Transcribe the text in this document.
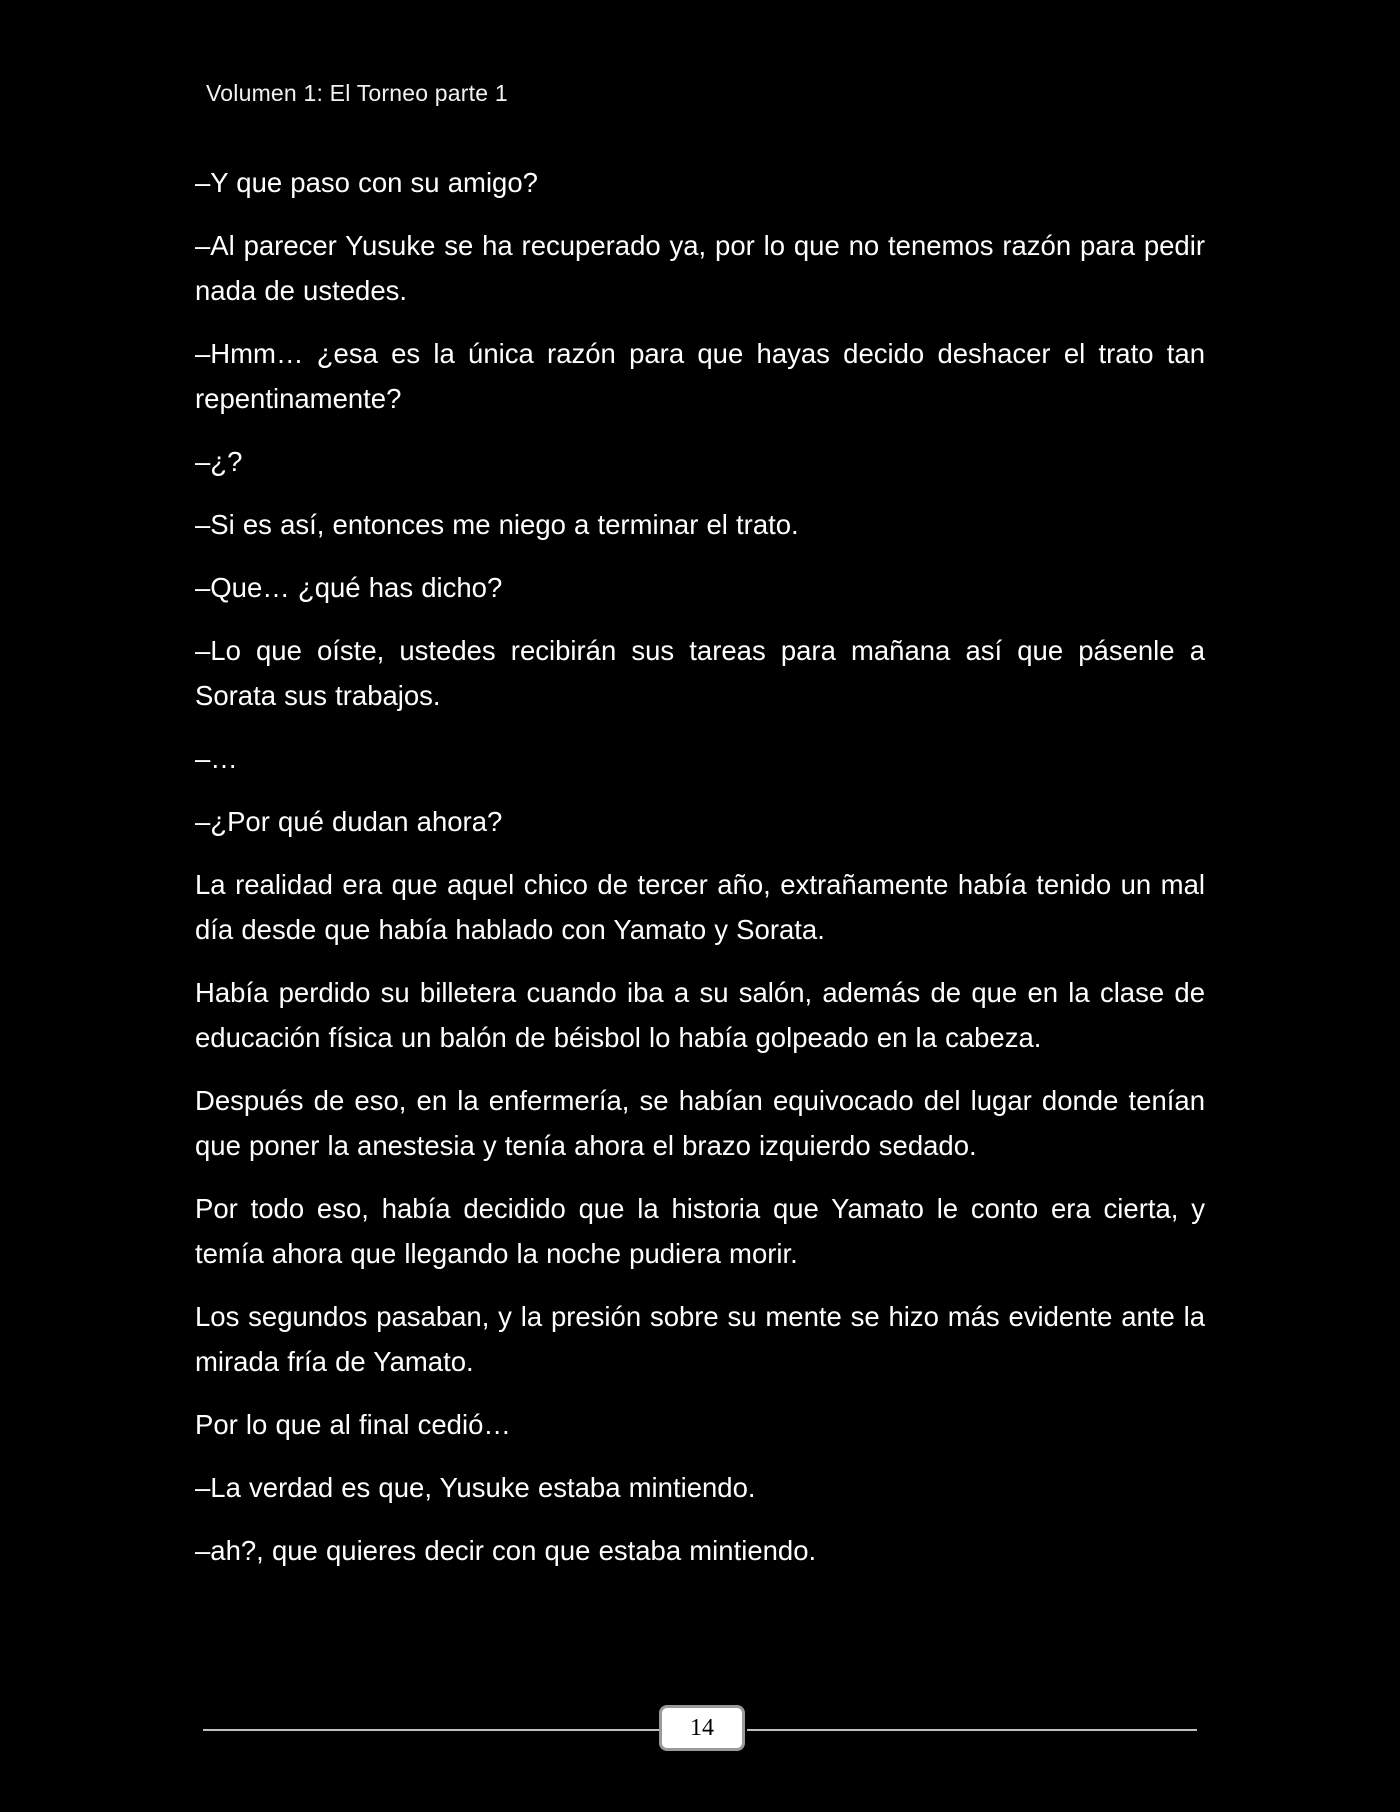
Volumen 1: El Torneo parte 1

–Y que paso con su amigo?

–Al parecer Yusuke se ha recuperado ya, por lo que no tenemos razón para pedir nada de ustedes.

–Hmm… ¿esa es la única razón para que hayas decido deshacer el trato tan repentinamente?

–¿?

–Si es así, entonces me niego a terminar el trato.

–Que… ¿qué has dicho?

–Lo que oíste, ustedes recibirán sus tareas para mañana así que pásenle a Sorata sus trabajos.

–…

–¿Por qué dudan ahora?

La realidad era que aquel chico de tercer año, extrañamente había tenido un mal día desde que había hablado con Yamato y Sorata.

Había perdido su billetera cuando iba a su salón, además de que en la clase de educación física un balón de béisbol lo había golpeado en la cabeza.

Después de eso, en la enfermería, se habían equivocado del lugar donde tenían que poner la anestesia y tenía ahora el brazo izquierdo sedado.

Por todo eso, había decidido que la historia que Yamato le conto era cierta, y temía ahora que llegando la noche pudiera morir.

Los segundos pasaban, y la presión sobre su mente se hizo más evidente ante la mirada fría de Yamato.

Por lo que al final cedió…

–La verdad es que, Yusuke estaba mintiendo.

–ah?, que quieres decir con que estaba mintiendo.

14
